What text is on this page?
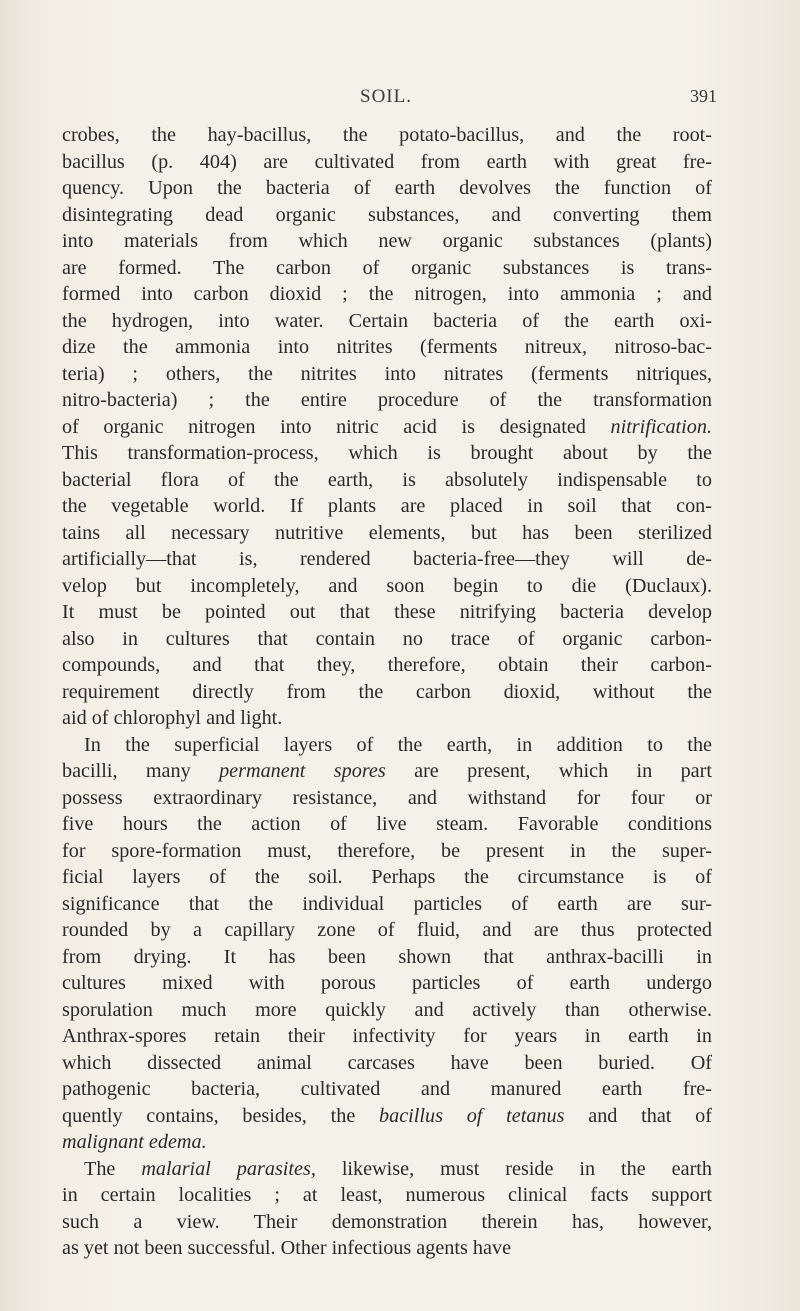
SOIL.	391
crobes, the hay-bacillus, the potato-bacillus, and the root-
bacillus (p. 404) are cultivated from earth with great fre-
quency. Upon the bacteria of earth devolves the function of
disintegrating dead organic substances, and converting them
into materials from which new organic substances (plants)
are formed. The carbon of organic substances is trans-
formed into carbon dioxid ; the nitrogen, into ammonia ; and
the hydrogen, into water. Certain bacteria of the earth oxi-
dize the ammonia into nitrites (ferments nitreux, nitroso-bac-
teria) ; others, the nitrites into nitrates (ferments nitriques,
nitro-bacteria) ; the entire procedure of the transformation
of organic nitrogen into nitric acid is designated nitrification.
This transformation-process, which is brought about by the
bacterial flora of the earth, is absolutely indispensable to
the vegetable world. If plants are placed in soil that con-
tains all necessary nutritive elements, but has been sterilized
artificially—that is, rendered bacteria-free—they will de-
velop but incompletely, and soon begin to die (Duclaux).
It must be pointed out that these nitrifying bacteria develop
also in cultures that contain no trace of organic carbon-
compounds, and that they, therefore, obtain their carbon-
requirement directly from the carbon dioxid, without the
aid of chlorophyl and light.
In the superficial layers of the earth, in addition to the
bacilli, many permanent spores are present, which in part
possess extraordinary resistance, and withstand for four or
five hours the action of live steam. Favorable conditions
for spore-formation must, therefore, be present in the super-
ficial layers of the soil. Perhaps the circumstance is of
significance that the individual particles of earth are sur-
rounded by a capillary zone of fluid, and are thus protected
from drying. It has been shown that anthrax-bacilli in
cultures mixed with porous particles of earth undergo
sporulation much more quickly and actively than otherwise.
Anthrax-spores retain their infectivity for years in earth in
which dissected animal carcases have been buried. Of
pathogenic bacteria, cultivated and manured earth fre-
quently contains, besides, the bacillus of tetanus and that of
malignant edema.
The malarial parasites, likewise, must reside in the earth
in certain localities ; at least, numerous clinical facts support
such a view. Their demonstration therein has, however,
as yet not been successful. Other infectious agents have
